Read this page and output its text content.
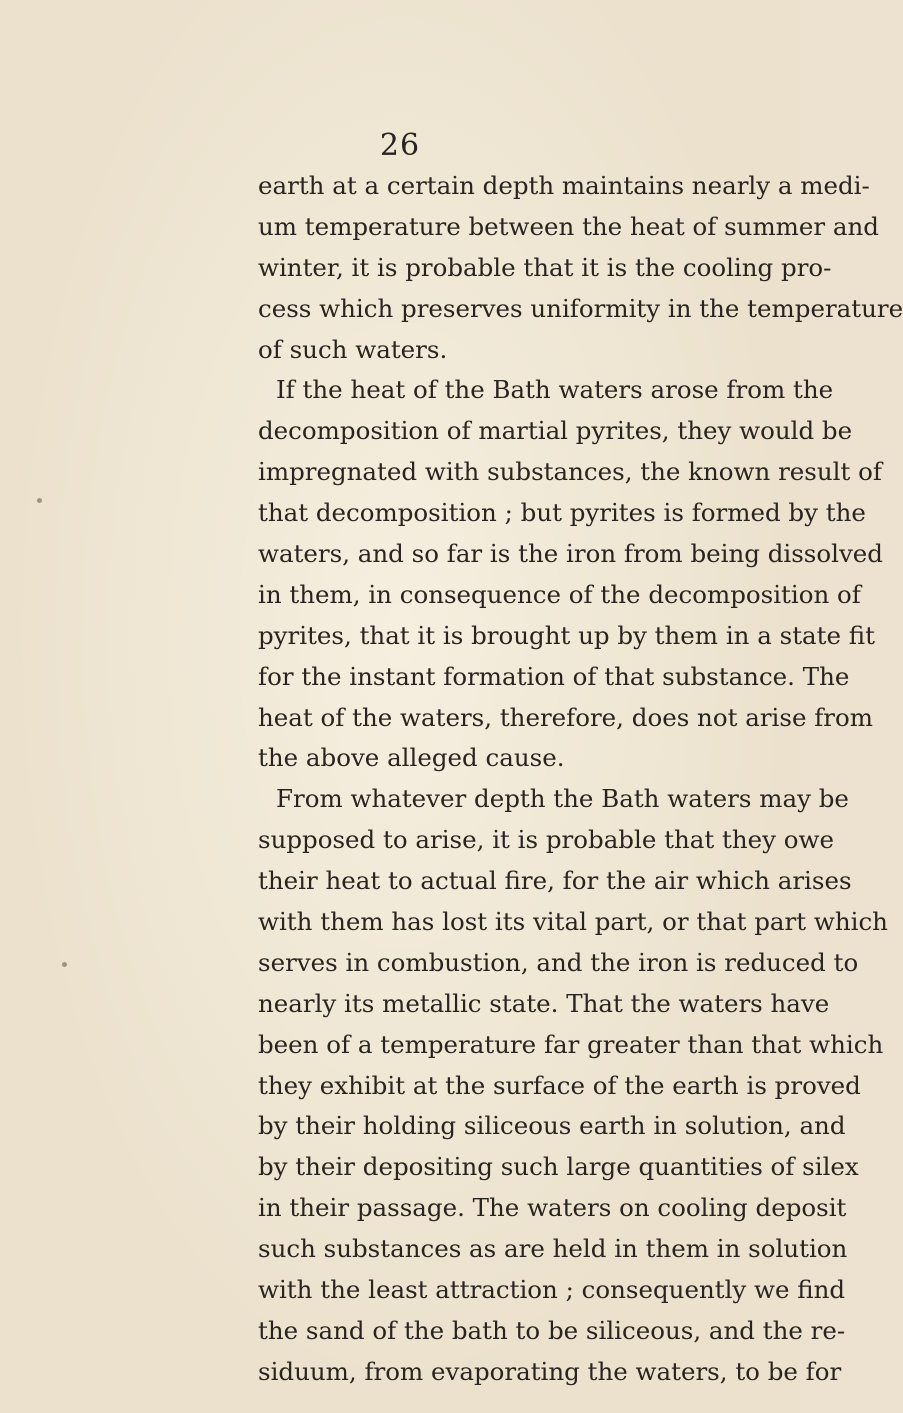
26
earth at a certain depth maintains nearly a medi-
um temperature between the heat of summer and
winter, it is probable that it is the cooling pro-
cess which preserves uniformity in the temperature
of such waters.
If the heat of the Bath waters arose from the
decomposition of martial pyrites, they would be
impregnated with substances, the known result of
that decomposition ; but pyrites is formed by the
waters, and so far is the iron from being dissolved
in them, in consequence of the decomposition of
pyrites, that it is brought up by them in a state fit
for the instant formation of that substance. The
heat of the waters, therefore, does not arise from
the above alleged cause.
From whatever depth the Bath waters may be
supposed to arise, it is probable that they owe
their heat to actual fire, for the air which arises
with them has lost its vital part, or that part which
serves in combustion, and the iron is reduced to
nearly its metallic state. That the waters have
been of a temperature far greater than that which
they exhibit at the surface of the earth is proved
by their holding siliceous earth in solution, and
by their depositing such large quantities of silex
in their passage. The waters on cooling deposit
such substances as are held in them in solution
with the least attraction ; consequently we find
the sand of the bath to be siliceous, and the re-
siduum, from evaporating the waters, to be for
